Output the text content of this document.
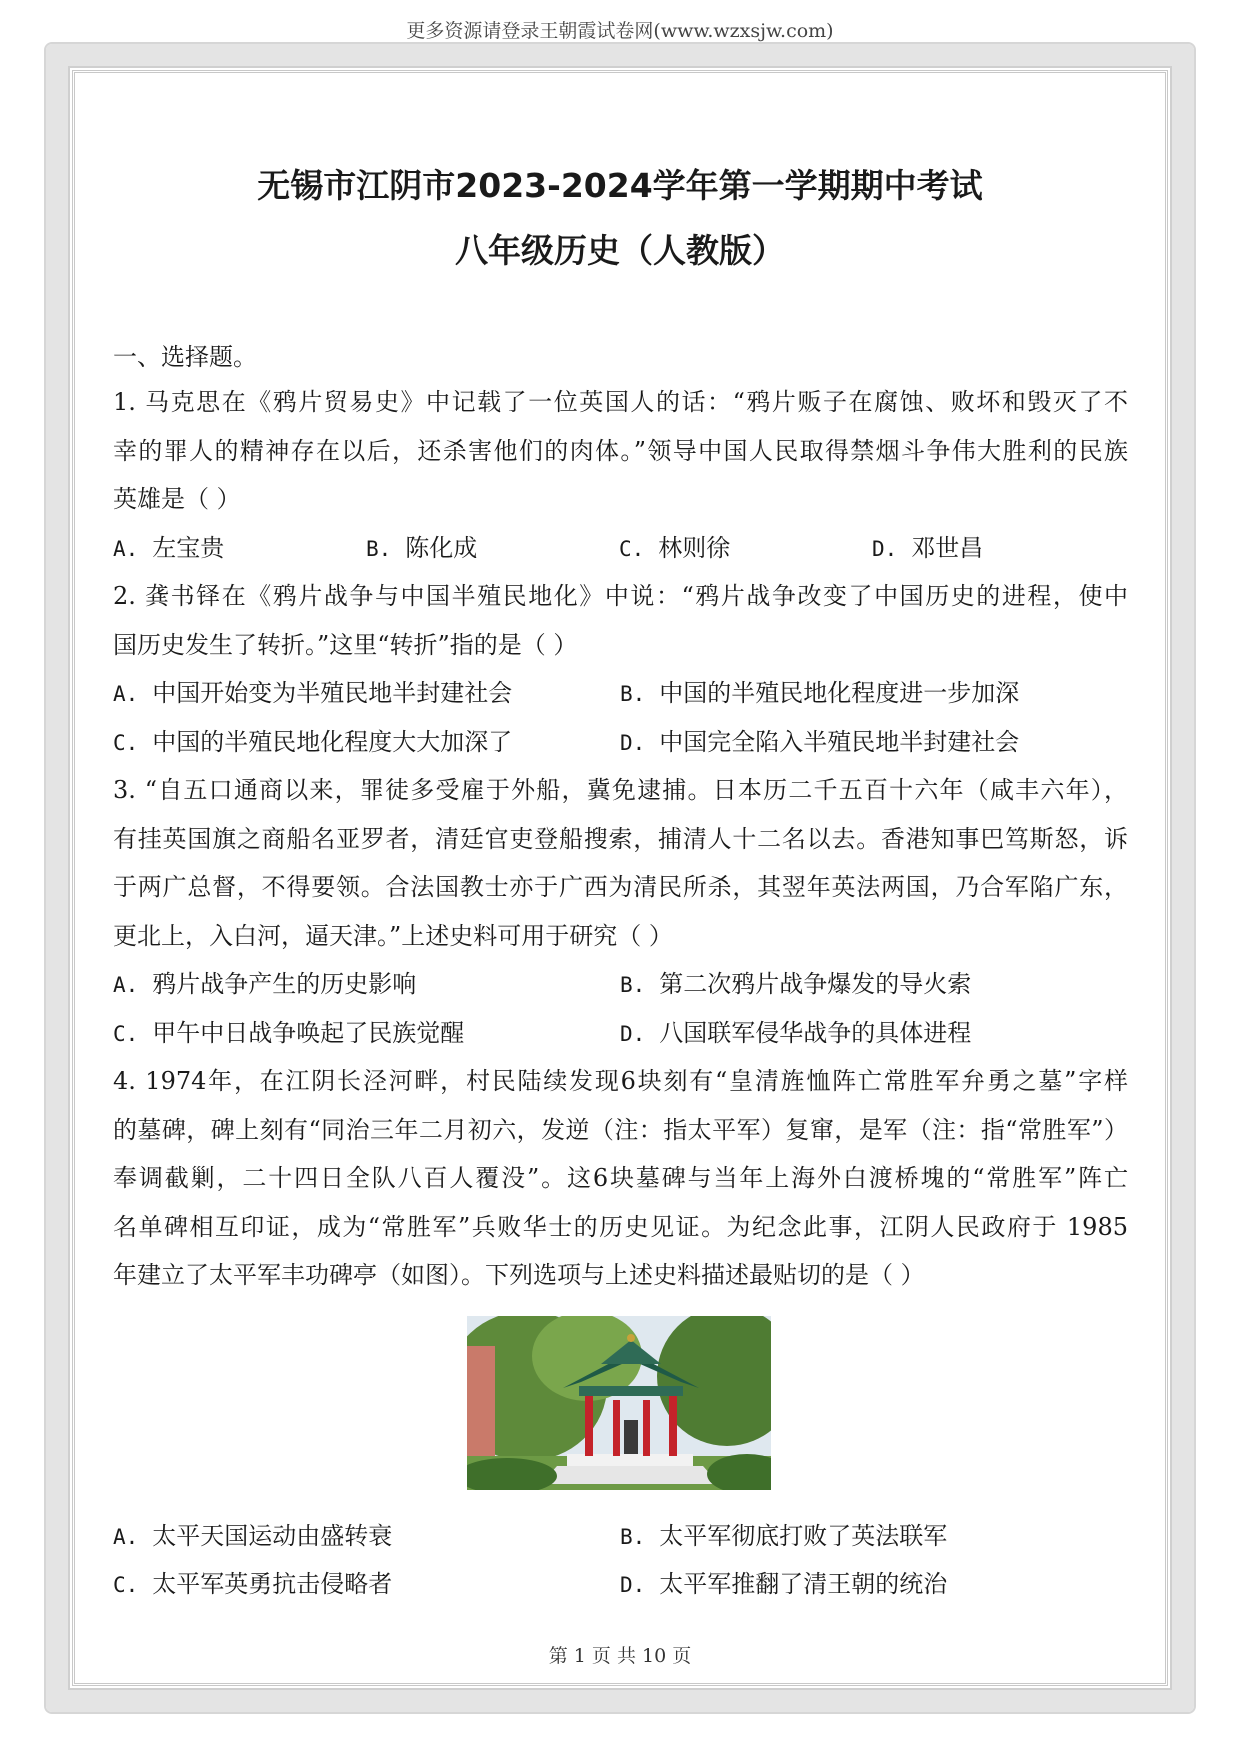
更多资源请登录王朝霞试卷网(www.wzxsjw.com)
无锡市江阴市2023-2024学年第一学期期中考试
八年级历史（人教版）
一、选择题。
1. 马克思在《鸦片贸易史》中记载了一位英国人的话：“鸦片贩子在腐蚀、败坏和毁灭了不
幸的罪人的精神存在以后，还杀害他们的肉体。”领导中国人民取得禁烟斗争伟大胜利的民族
英雄是（ ）
A. 左宝贵	B. 陈化成	C. 林则徐	D. 邓世昌
2. 龚书铎在《鸦片战争与中国半殖民地化》中说：“鸦片战争改变了中国历史的进程，使中
国历史发生了转折。”这里“转折”指的是（ ）
A. 中国开始变为半殖民地半封建社会	B. 中国的半殖民地化程度进一步加深
C. 中国的半殖民地化程度大大加深了	D. 中国完全陷入半殖民地半封建社会
3. “自五口通商以来，罪徒多受雇于外船，冀免逮捕。日本历二千五百十六年（咸丰六年），
有挂英国旗之商船名亚罗者，清廷官吏登船搜索，捕清人十二名以去。香港知事巴笃斯怒，诉
于两广总督，不得要领。合法国教士亦于广西为清民所杀，其翌年英法两国，乃合军陷广东，
更北上，入白河，逼天津。”上述史料可用于研究（ ）
A. 鸦片战争产生的历史影响	B. 第二次鸦片战争爆发的导火索
C. 甲午中日战争唤起了民族觉醒	D. 八国联军侵华战争的具体进程
4. 1974年，在江阴长泾河畔，村民陆续发现6块刻有“皇清旌恤阵亡常胜军弁勇之墓”字样
的墓碑，碑上刻有“同治三年二月初六，发逆（注：指太平军）复窜，是军（注：指“常胜军”）
奉调截剿，二十四日全队八百人覆没”。这6块墓碑与当年上海外白渡桥塊的“常胜军”阵亡
名单碑相互印证，成为“常胜军”兵败华士的历史见证。为纪念此事，江阴人民政府于 1985
年建立了太平军丰功碑亭（如图）。下列选项与上述史料描述最贴切的是（ ）
A. 太平天国运动由盛转衰	B. 太平军彻底打败了英法联军
C. 太平军英勇抗击侵略者	D. 太平军推翻了清王朝的统治
第 1 页 共 10 页
